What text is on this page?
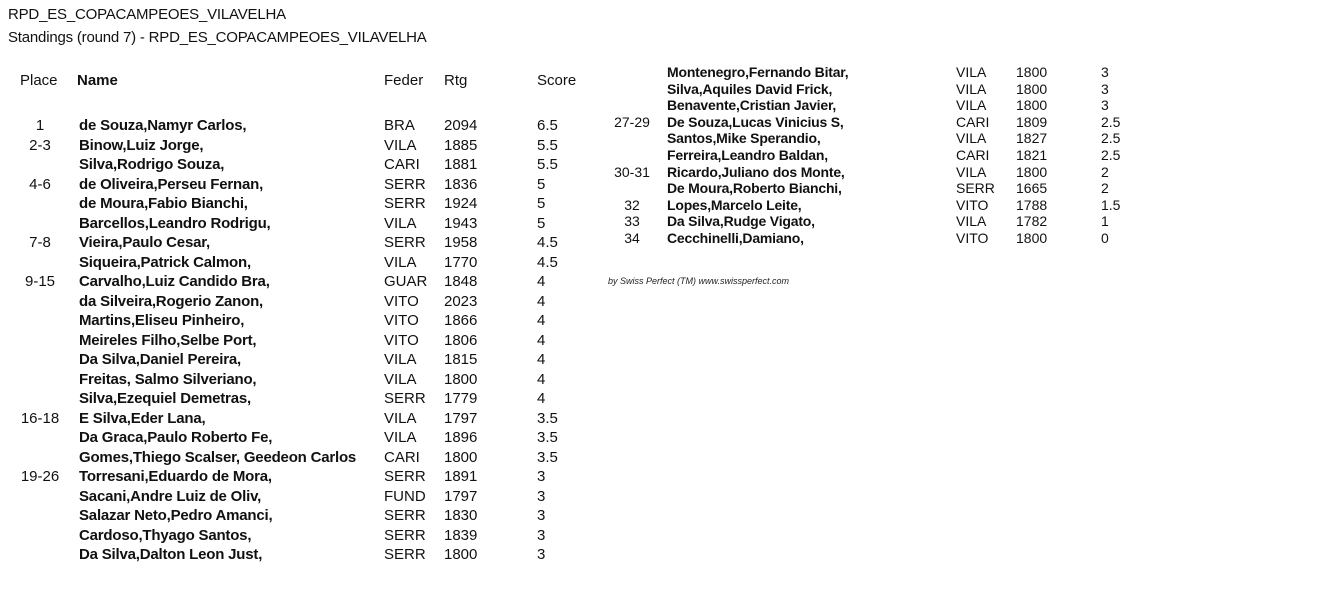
RPD_ES_COPACAMPEOES_VILAVELHA
Standings (round 7) - RPD_ES_COPACAMPEOES_VILAVELHA
Place Name	Feder Rtg	Score
1	de Souza,Namyr Carlos,	BRA 2094	6.5
2-3	Binow,Luiz Jorge,	VILA 1885	5.5
Silva,Rodrigo Souza,	CARI 1881	5.5
4-6	de Oliveira,Perseu Fernan,	SERR 1836	5
de Moura,Fabio Bianchi,	SERR 1924	5
Barcellos,Leandro Rodrigu,	VILA 1943	5
7-8	Vieira,Paulo Cesar,	SERR 1958	4.5
Siqueira,Patrick Calmon,	VILA 1770	4.5
9-15	Carvalho,Luiz Candido Bra,	GUAR 1848	4
da Silveira,Rogerio Zanon,	VITO 2023	4
Martins,Eliseu Pinheiro,	VITO 1866	4
Meireles Filho,Selbe Port,	VITO 1806	4
Da Silva,Daniel Pereira,	VILA 1815	4
Freitas, Salmo Silveriano,	VILA 1800	4
Silva,Ezequiel Demetras,	SERR 1779	4
16-18	E Silva,Eder Lana,	VILA 1797	3.5
Da Graca,Paulo Roberto Fe,	VILA 1896	3.5
Gomes,Thiego Scalser, Geedeon Carlos CARI 1800	3.5
19-26	Torresani,Eduardo de Mora,	SERR 1891	3
Sacani,Andre Luiz de Oliv,	FUND 1797	3
Salazar Neto,Pedro Amanci,	SERR 1830	3
Cardoso,Thyago Santos,	SERR 1839	3
Da Silva,Dalton Leon Just,	SERR 1800	3
Montenegro,Fernando Bitar,	VILA 1800	3
Silva,Aquiles David Frick,	VILA 1800	3
Benavente,Cristian Javier,	VILA 1800	3
27-29	De Souza,Lucas Vinicius S,	CARI 1809	2.5
Santos,Mike Sperandio,	VILA 1827	2.5
Ferreira,Leandro Baldan,	CARI 1821	2.5
30-31	Ricardo,Juliano dos Monte,	VILA 1800	2
De Moura,Roberto Bianchi,	SERR 1665	2
32	Lopes,Marcelo Leite,	VITO 1788	1.5
33	Da Silva,Rudge Vigato,	VILA 1782	1
34	Cecchinelli,Damiano,	VITO 1800	0
by Swiss Perfect (TM) www.swissperfect.com
